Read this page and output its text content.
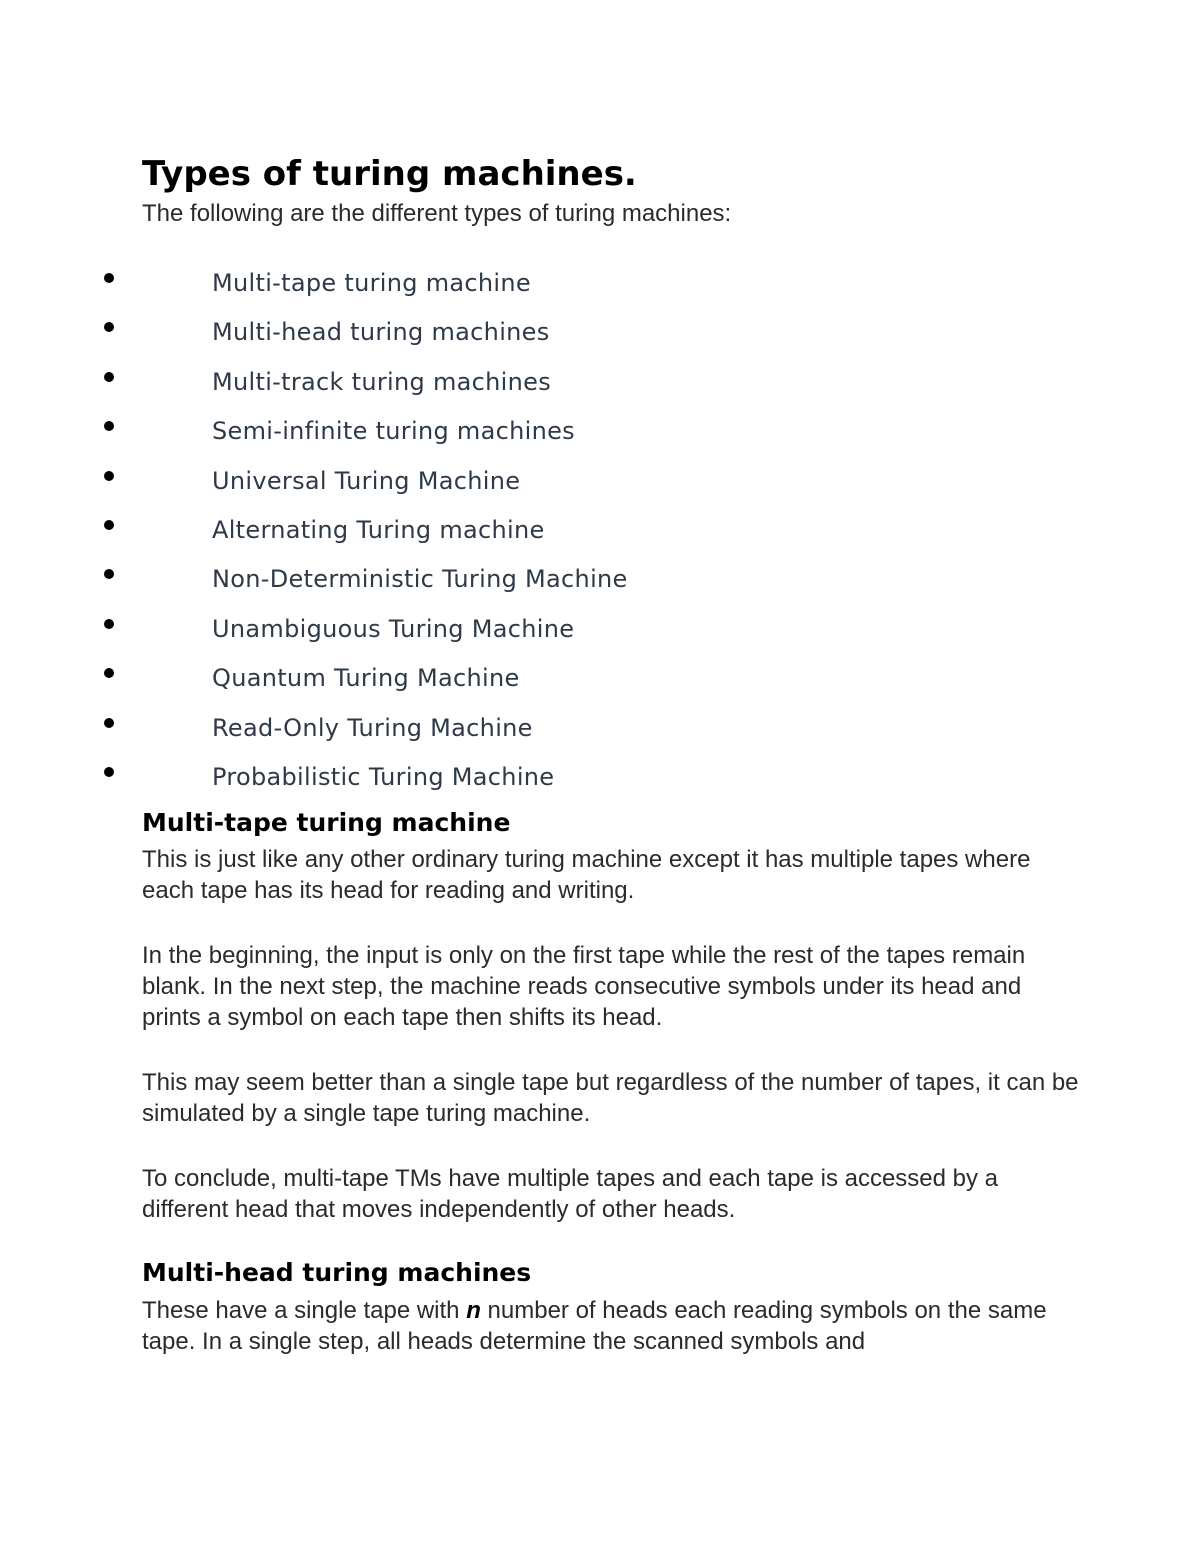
Types of turing machines.

The following are the different types of turing machines:

Multi-tape turing machine
Multi-head turing machines
Multi-track turing machines
Semi-infinite turing machines
Universal Turing Machine
Alternating Turing machine
Non-Deterministic Turing Machine
Unambiguous Turing Machine
Quantum Turing Machine
Read-Only Turing Machine
Probabilistic Turing Machine
Multi-tape turing machine

This is just like any other ordinary turing machine except it has multiple tapes where each tape has its head for reading and writing.

In the beginning, the input is only on the first tape while the rest of the tapes remain blank. In the next step, the machine reads consecutive symbols under its head and prints a symbol on each tape then shifts its head.

This may seem better than a single tape but regardless of the number of tapes, it can be simulated by a single tape turing machine.

To conclude, multi-tape TMs have multiple tapes and each tape is accessed by a different head that moves independently of other heads.

Multi-head turing machines

These have a single tape with n number of heads each reading symbols on the same tape. In a single step, all heads determine the scanned symbols and
